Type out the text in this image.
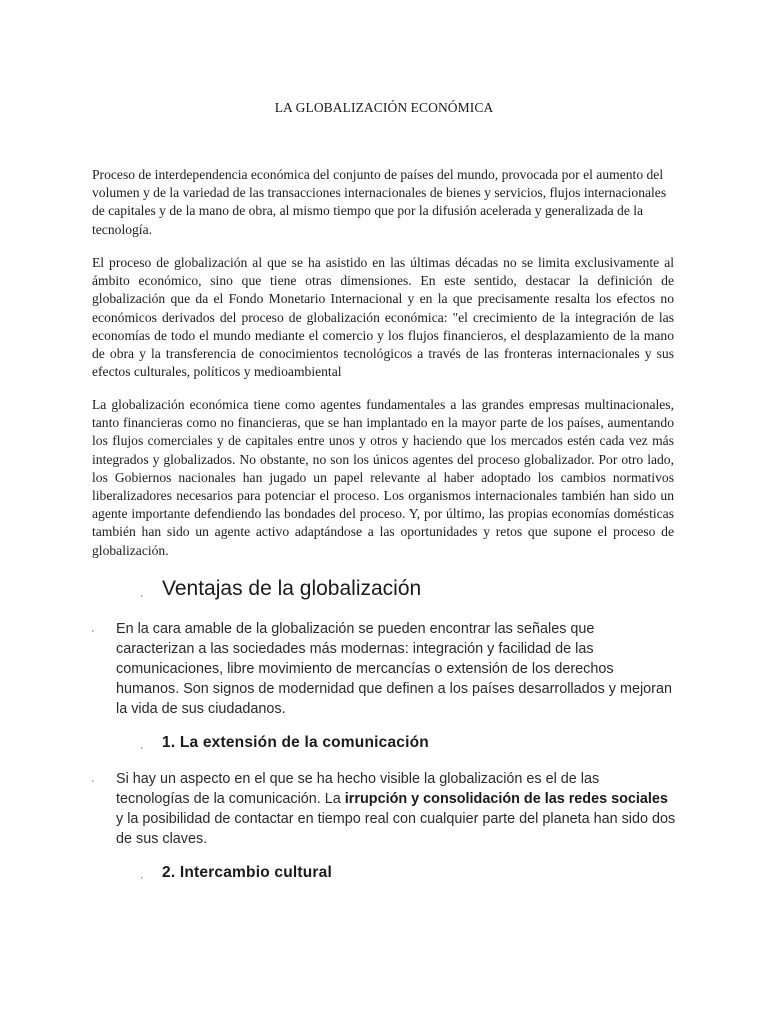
LA GLOBALIZACIÓN ECONÓMICA

Proceso de interdependencia económica del conjunto de países del mundo, provocada por el aumento del volumen y de la variedad de las transacciones internacionales de bienes y servicios, flujos internacionales de capitales y de la mano de obra, al mismo tiempo que por la difusión acelerada y generalizada de la tecnología.

El proceso de globalización al que se ha asistido en las últimas décadas no se limita exclusivamente al ámbito económico, sino que tiene otras dimensiones. En este sentido, destacar la definición de globalización que da el Fondo Monetario Internacional y en la que precisamente resalta los efectos no económicos derivados del proceso de globalización económica: "el crecimiento de la integración de las economías de todo el mundo mediante el comercio y los flujos financieros, el desplazamiento de la mano de obra y la transferencia de conocimientos tecnológicos a través de las fronteras internacionales y sus efectos culturales, políticos y medioambiental

La globalización económica tiene como agentes fundamentales a las grandes empresas multinacionales, tanto financieras como no financieras, que se han implantado en la mayor parte de los países, aumentando los flujos comerciales y de capitales entre unos y otros y haciendo que los mercados estén cada vez más integrados y globalizados. No obstante, no son los únicos agentes del proceso globalizador. Por otro lado, los Gobiernos nacionales han jugado un papel relevante al haber adoptado los cambios normativos liberalizadores necesarios para potenciar el proceso. Los organismos internacionales también han sido un agente importante defendiendo las bondades del proceso. Y, por último, las propias economías domésticas también han sido un agente activo adaptándose a las oportunidades y retos que supone el proceso de globalización.

· Ventajas de la globalización
· En la cara amable de la globalización se pueden encontrar las señales que caracterizan a las sociedades más modernas: integración y facilidad de las comunicaciones, libre movimiento de mercancías o extensión de los derechos humanos. Son signos de modernidad que definen a los países desarrollados y mejoran la vida de sus ciudadanos.

· 1. La extensión de la comunicación
· Si hay un aspecto en el que se ha hecho visible la globalización es el de las tecnologías de la comunicación. La irrupción y consolidación de las redes sociales y la posibilidad de contactar en tiempo real con cualquier parte del planeta han sido dos de sus claves.

· 2. Intercambio cultural
